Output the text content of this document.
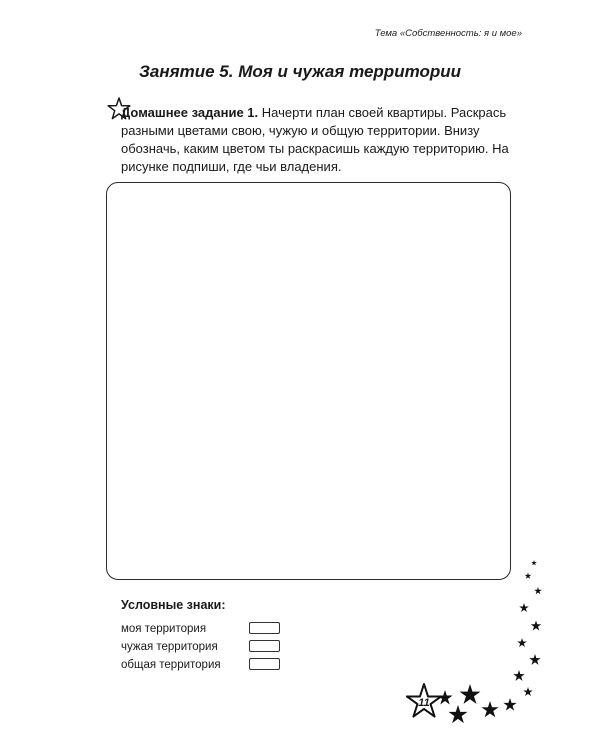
Тема «Собственность: я и мое»
Занятие 5. Моя и чужая территории

Домашнее задание 1. Начерти план своей квартиры. Раскрась разными цветами свою, чужую и общую территории. Внизу обозначь, каким цветом ты раскрасишь каждую территорию. На рисунке подпиши, где чьи владения.

Условные знаки:
моя территория
чужая территория
общая территория
11
